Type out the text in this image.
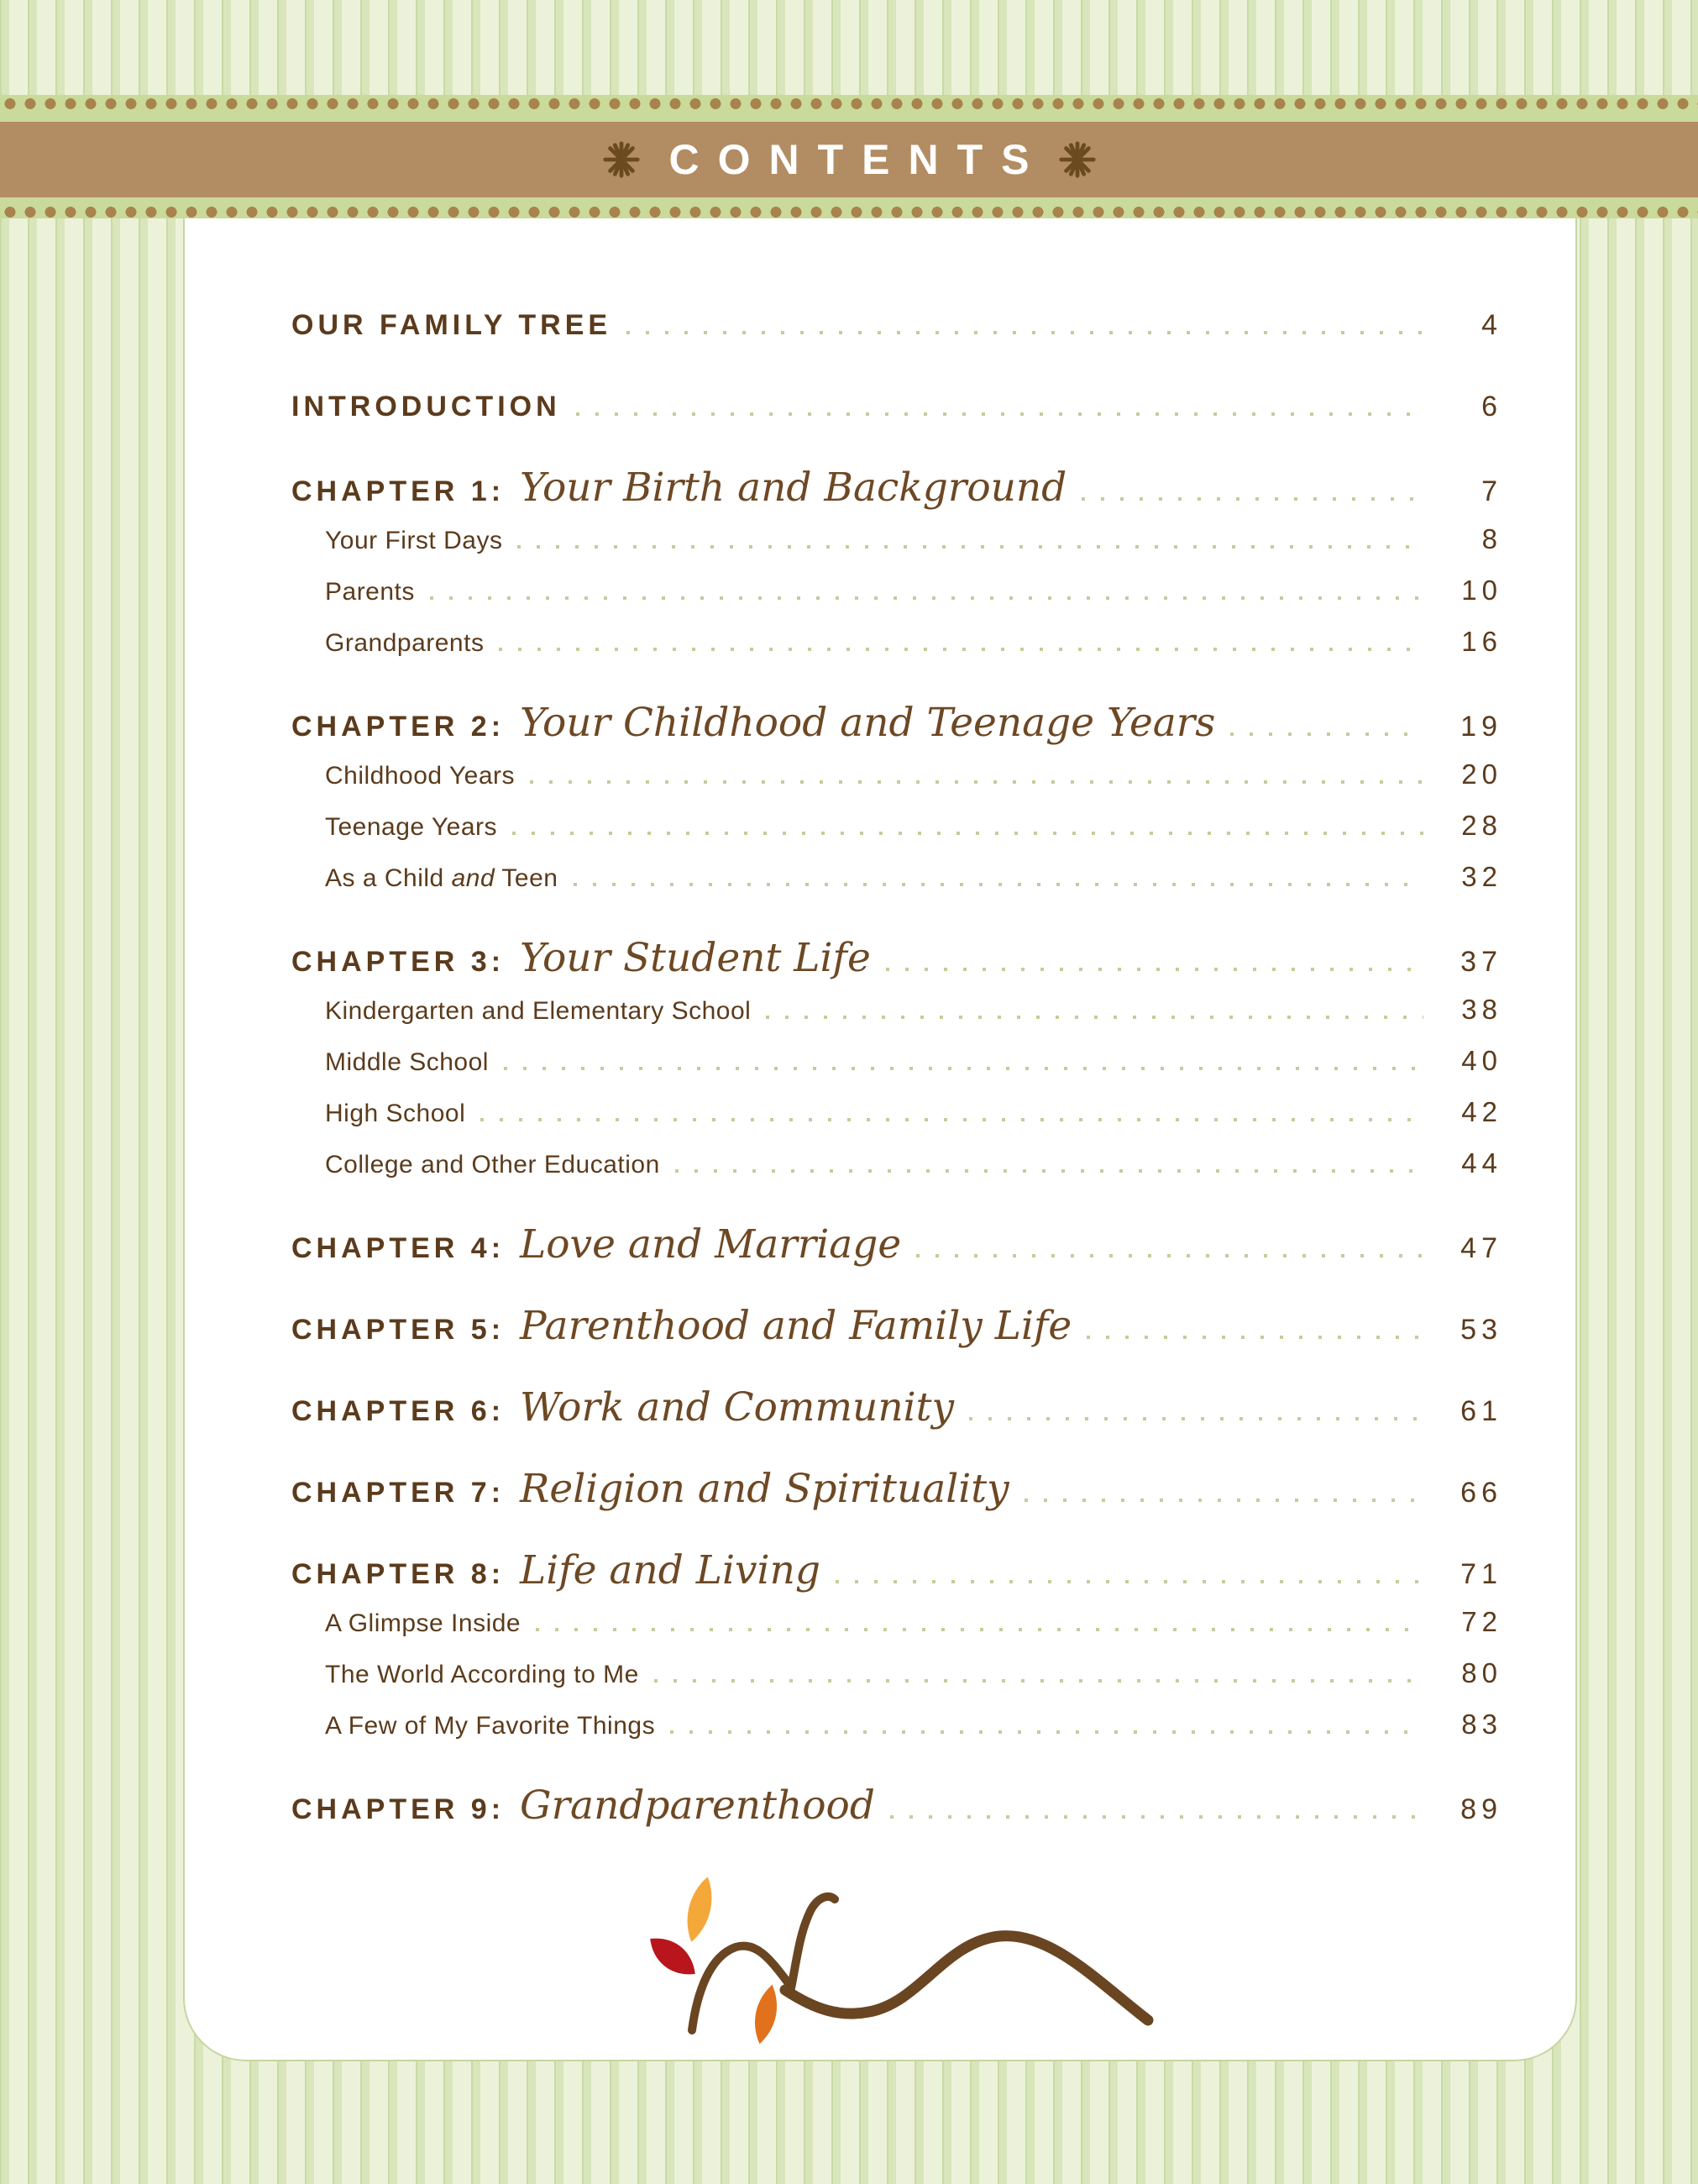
CONTENTS
OUR FAMILY TREE	4
INTRODUCTION	6
CHAPTER 1: Your Birth and Background	7
Your First Days	8
Parents	10
Grandparents	16
CHAPTER 2: Your Childhood and Teenage Years	19
Childhood Years	20
Teenage Years	28
As a Child and Teen	32
CHAPTER 3: Your Student Life	37
Kindergarten and Elementary School	38
Middle School	40
High School	42
College and Other Education	44
CHAPTER 4: Love and Marriage	47
CHAPTER 5: Parenthood and Family Life	53
CHAPTER 6: Work and Community	61
CHAPTER 7: Religion and Spirituality	66
CHAPTER 8: Life and Living	71
A Glimpse Inside	72
The World According to Me	80
A Few of My Favorite Things	83
CHAPTER 9: Grandparenthood	89
